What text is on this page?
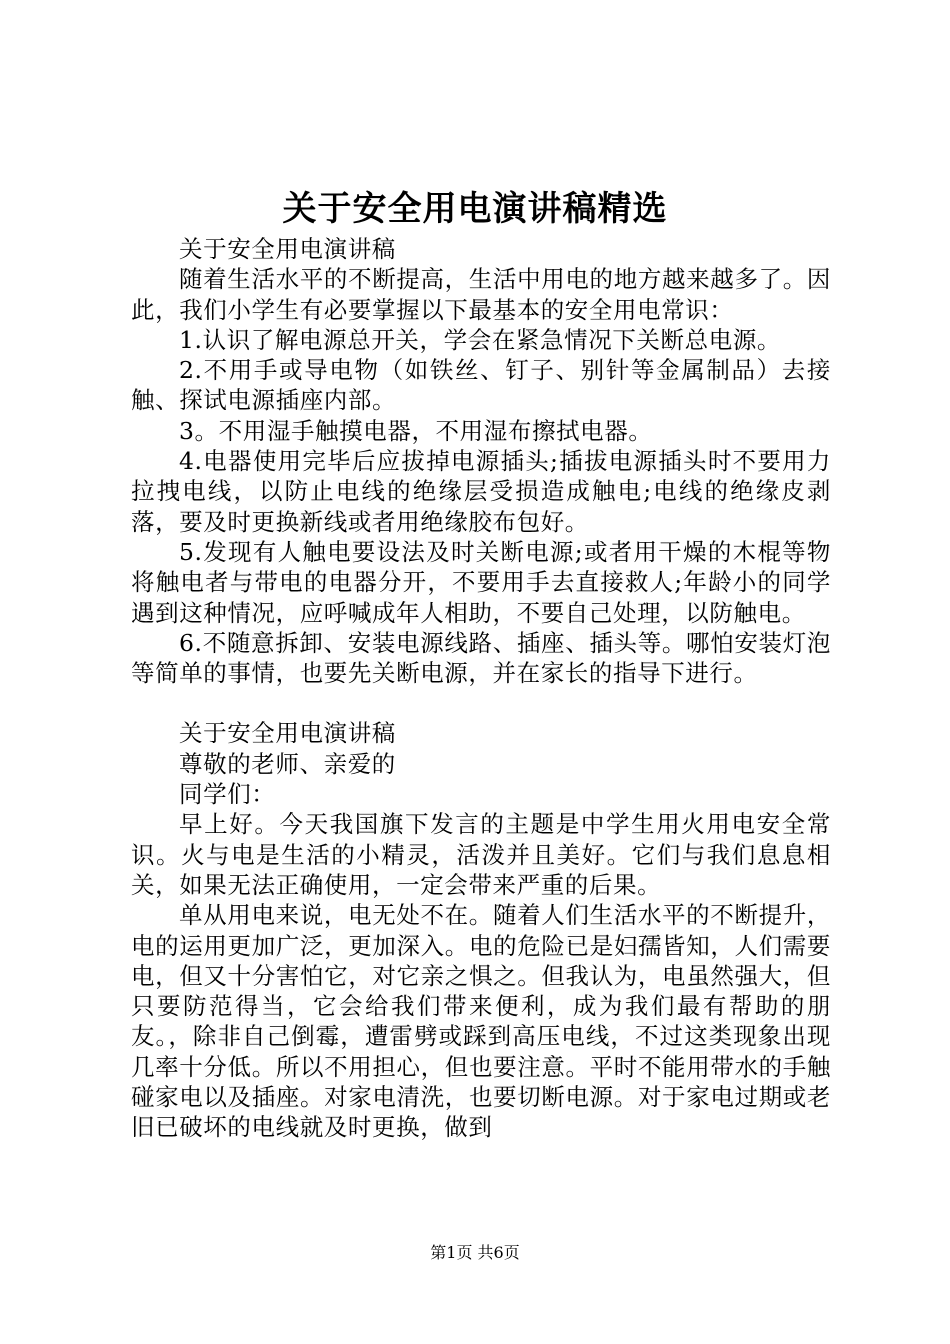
关于安全用电演讲稿精选

关于安全用电演讲稿

随着生活水平的不断提高，生活中用电的地方越来越多了。因此，我们小学生有必要掌握以下最基本的安全用电常识：

1.认识了解电源总开关，学会在紧急情况下关断总电源。

2.不用手或导电物（如铁丝、钉子、别针等金属制品）去接触、探试电源插座内部。

3。不用湿手触摸电器，不用湿布擦拭电器。

4.电器使用完毕后应拔掉电源插头;插拔电源插头时不要用力拉拽电线，以防止电线的绝缘层受损造成触电;电线的绝缘皮剥落，要及时更换新线或者用绝缘胶布包好。

5.发现有人触电要设法及时关断电源;或者用干燥的木棍等物将触电者与带电的电器分开，不要用手去直接救人;年龄小的同学遇到这种情况，应呼喊成年人相助，不要自己处理，以防触电。

6.不随意拆卸、安装电源线路、插座、插头等。哪怕安装灯泡等简单的事情，也要先关断电源，并在家长的指导下进行。

关于安全用电演讲稿

尊敬的老师、亲爱的

同学们：

早上好。今天我国旗下发言的主题是中学生用火用电安全常识。火与电是生活的小精灵，活泼并且美好。它们与我们息息相关，如果无法正确使用，一定会带来严重的后果。

单从用电来说，电无处不在。随着人们生活水平的不断提升，电的运用更加广泛，更加深入。电的危险已是妇孺皆知，人们需要电，但又十分害怕它，对它亲之惧之。但我认为，电虽然强大，但只要防范得当，它会给我们带来便利，成为我们最有帮助的朋友。，除非自己倒霉，遭雷劈或踩到高压电线，不过这类现象出现几率十分低。所以不用担心，但也要注意。平时不能用带水的手触碰家电以及插座。对家电清洗，也要切断电源。对于家电过期或老旧已破坏的电线就及时更换，做到

第1页 共6页
